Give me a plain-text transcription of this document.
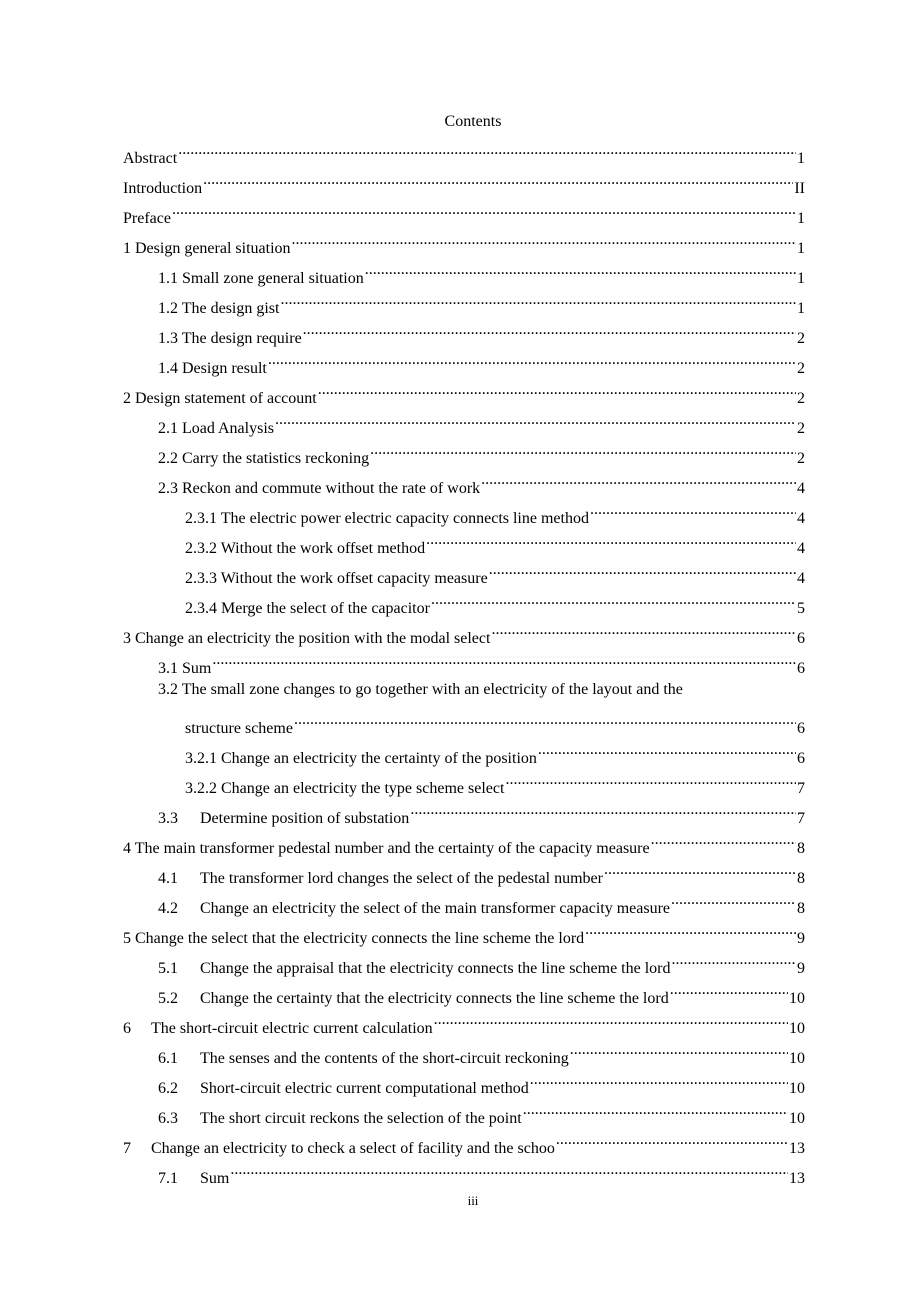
Contents
Abstract .....	1
Introduction .....	II
Preface .....	1
1 Design general situation .....	1
1.1 Small zone general situation .....	1
1.2 The design gist .....	1
1.3 The design require .....	2
1.4 Design result .....	2
2 Design statement of account .....	2
2.1 Load Analysis .....	2
2.2 Carry the statistics reckoning .....	2
2.3 Reckon and commute without the rate of work .....	4
2.3.1 The electric power electric capacity connects line method .....	4
2.3.2 Without the work offset method .....	4
2.3.3 Without the work offset capacity measure .....	4
2.3.4 Merge the select of the capacitor .....	5
3 Change an electricity the position with the modal select .....	6
3.1 Sum .....	6
3.2 The small zone changes to go together with an electricity of the layout and the
structure scheme .....	6
3.2.1 Change an electricity the certainty of the position .....	6
3.2.2 Change an electricity the type scheme select .....	7
3.3	Determine position of substation .....	7
4 The main transformer pedestal number and the certainty of the capacity measure .....	8
4.1	The transformer lord changes the select of the pedestal number .....	8
4.2	Change an electricity the select of the main transformer capacity measure .....	8
5 Change the select that the electricity connects the line scheme the lord .....	9
5.1	Change the appraisal that the electricity connects the line scheme the lord .....	9
5.2	Change the certainty that the electricity connects the line scheme the lord .....	10
6	The short-circuit electric current calculation .....	10
6.1	The senses and the contents of the short-circuit reckoning .....	10
6.2	Short-circuit electric current computational method .....	10
6.3	The short circuit reckons the selection of the point .....	10
7	Change an electricity to check a select of facility and the schoo .....	13
7.1	Sum .....	13
iii
